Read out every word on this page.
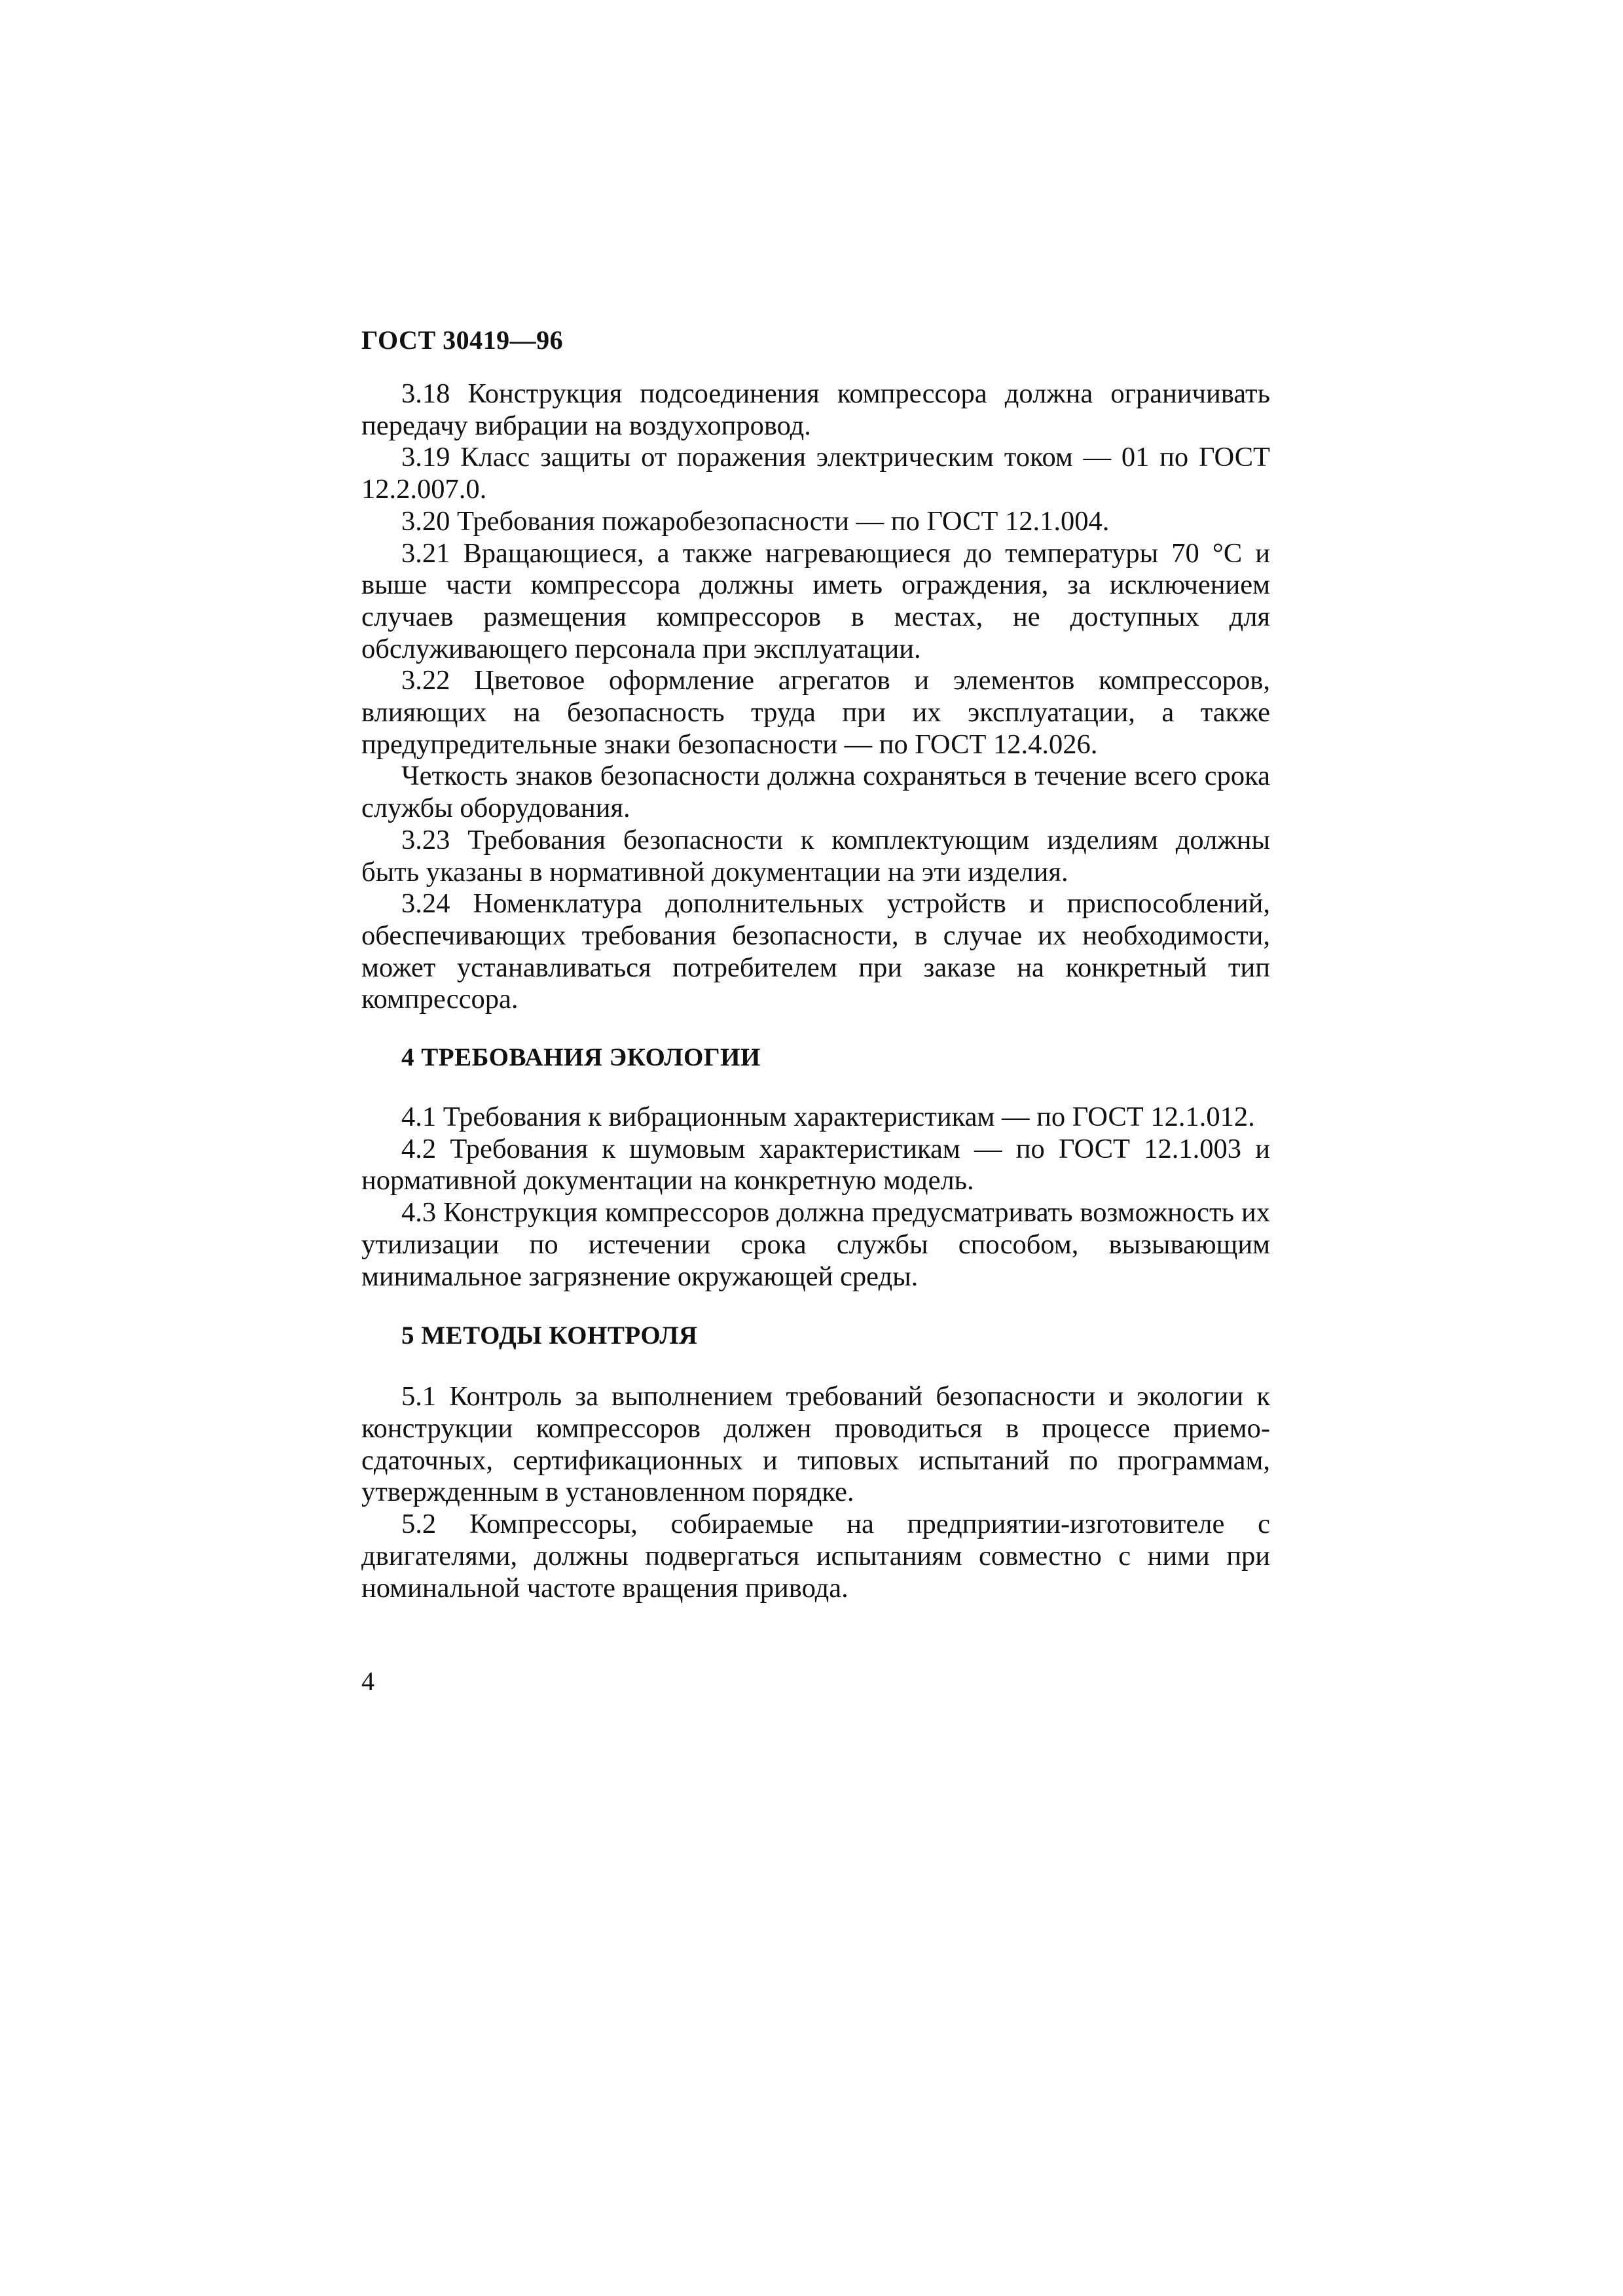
ГОСТ 30419—96

3.18 Конструкция подсоединения компрессора должна ограничивать передачу вибрации на воздухопровод.

3.19 Класс защиты от поражения электрическим током — 01 по ГОСТ 12.2.007.0.

3.20 Требования пожаробезопасности — по ГОСТ 12.1.004.

3.21 Вращающиеся, а также нагревающиеся до температуры 70 °С и выше части компрессора должны иметь ограждения, за исключением случаев размещения компрессоров в местах, не доступных для обслуживающего персонала при эксплуатации.

3.22 Цветовое оформление агрегатов и элементов компрессоров, влияющих на безопасность труда при их эксплуатации, а также предупредительные знаки безопасности — по ГОСТ 12.4.026.

Четкость знаков безопасности должна сохраняться в течение всего срока службы оборудования.

3.23 Требования безопасности к комплектующим изделиям должны быть указаны в нормативной документации на эти изделия.

3.24 Номенклатура дополнительных устройств и приспособлений, обеспечивающих требования безопасности, в случае их необходимости, может устанавливаться потребителем при заказе на конкретный тип компрессора.

4 ТРЕБОВАНИЯ ЭКОЛОГИИ

4.1 Требования к вибрационным характеристикам — по ГОСТ 12.1.012.

4.2 Требования к шумовым характеристикам — по ГОСТ 12.1.003 и нормативной документации на конкретную модель.

4.3 Конструкция компрессоров должна предусматривать возможность их утилизации по истечении срока службы способом, вызывающим минимальное загрязнение окружающей среды.

5 МЕТОДЫ КОНТРОЛЯ

5.1 Контроль за выполнением требований безопасности и экологии к конструкции компрессоров должен проводиться в процессе приемо-сдаточных, сертификационных и типовых испытаний по программам, утвержденным в установленном порядке.

5.2 Компрессоры, собираемые на предприятии-изготовителе с двигателями, должны подвергаться испытаниям совместно с ними при номинальной частоте вращения привода.

4
